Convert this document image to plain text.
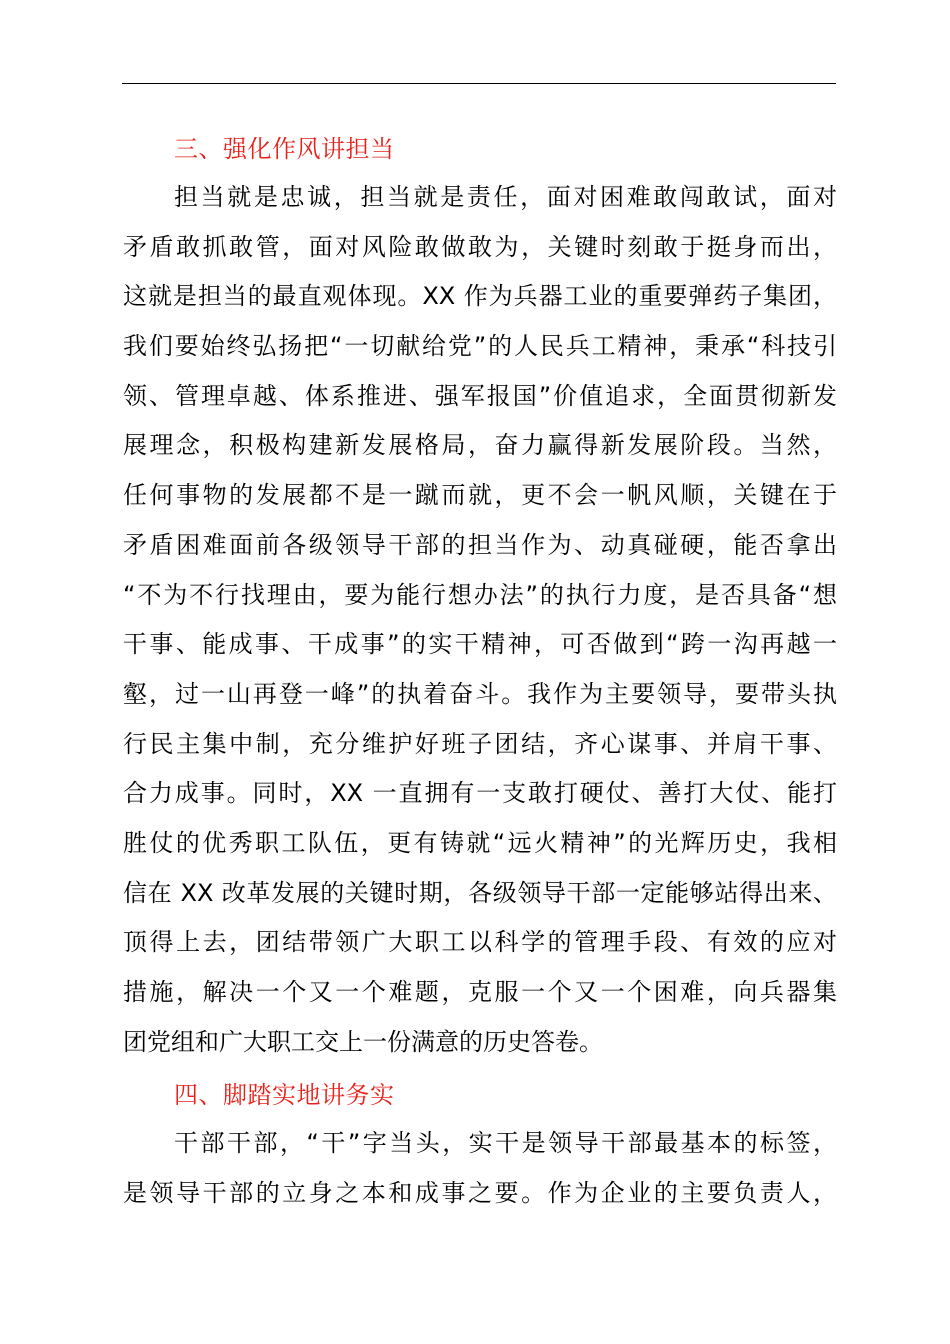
三、强化作风讲担当
担当就是忠诚，担当就是责任，面对困难敢闯敢试，面对
矛盾敢抓敢管，面对风险敢做敢为，关键时刻敢于挺身而出，
这就是担当的最直观体现。XX 作为兵器工业的重要弹药子集团，
我们要始终弘扬把“一切献给党”的人民兵工精神，秉承“科技引
领、管理卓越、体系推进、强军报国”价值追求，全面贯彻新发
展理念，积极构建新发展格局，奋力赢得新发展阶段。当然，
任何事物的发展都不是一蹴而就，更不会一帆风顺，关键在于
矛盾困难面前各级领导干部的担当作为、动真碰硬，能否拿出
“不为不行找理由，要为能行想办法”的执行力度，是否具备“想
干事、能成事、干成事”的实干精神，可否做到“跨一沟再越一
壑，过一山再登一峰”的执着奋斗。我作为主要领导，要带头执
行民主集中制，充分维护好班子团结，齐心谋事、并肩干事、
合力成事。同时，XX 一直拥有一支敢打硬仗、善打大仗、能打
胜仗的优秀职工队伍，更有铸就“远火精神”的光辉历史，我相
信在 XX 改革发展的关键时期，各级领导干部一定能够站得出来、
顶得上去，团结带领广大职工以科学的管理手段、有效的应对
措施，解决一个又一个难题，克服一个又一个困难，向兵器集
团党组和广大职工交上一份满意的历史答卷。
四、脚踏实地讲务实
干部干部，“干”字当头，实干是领导干部最基本的标签，
是领导干部的立身之本和成事之要。作为企业的主要负责人，
